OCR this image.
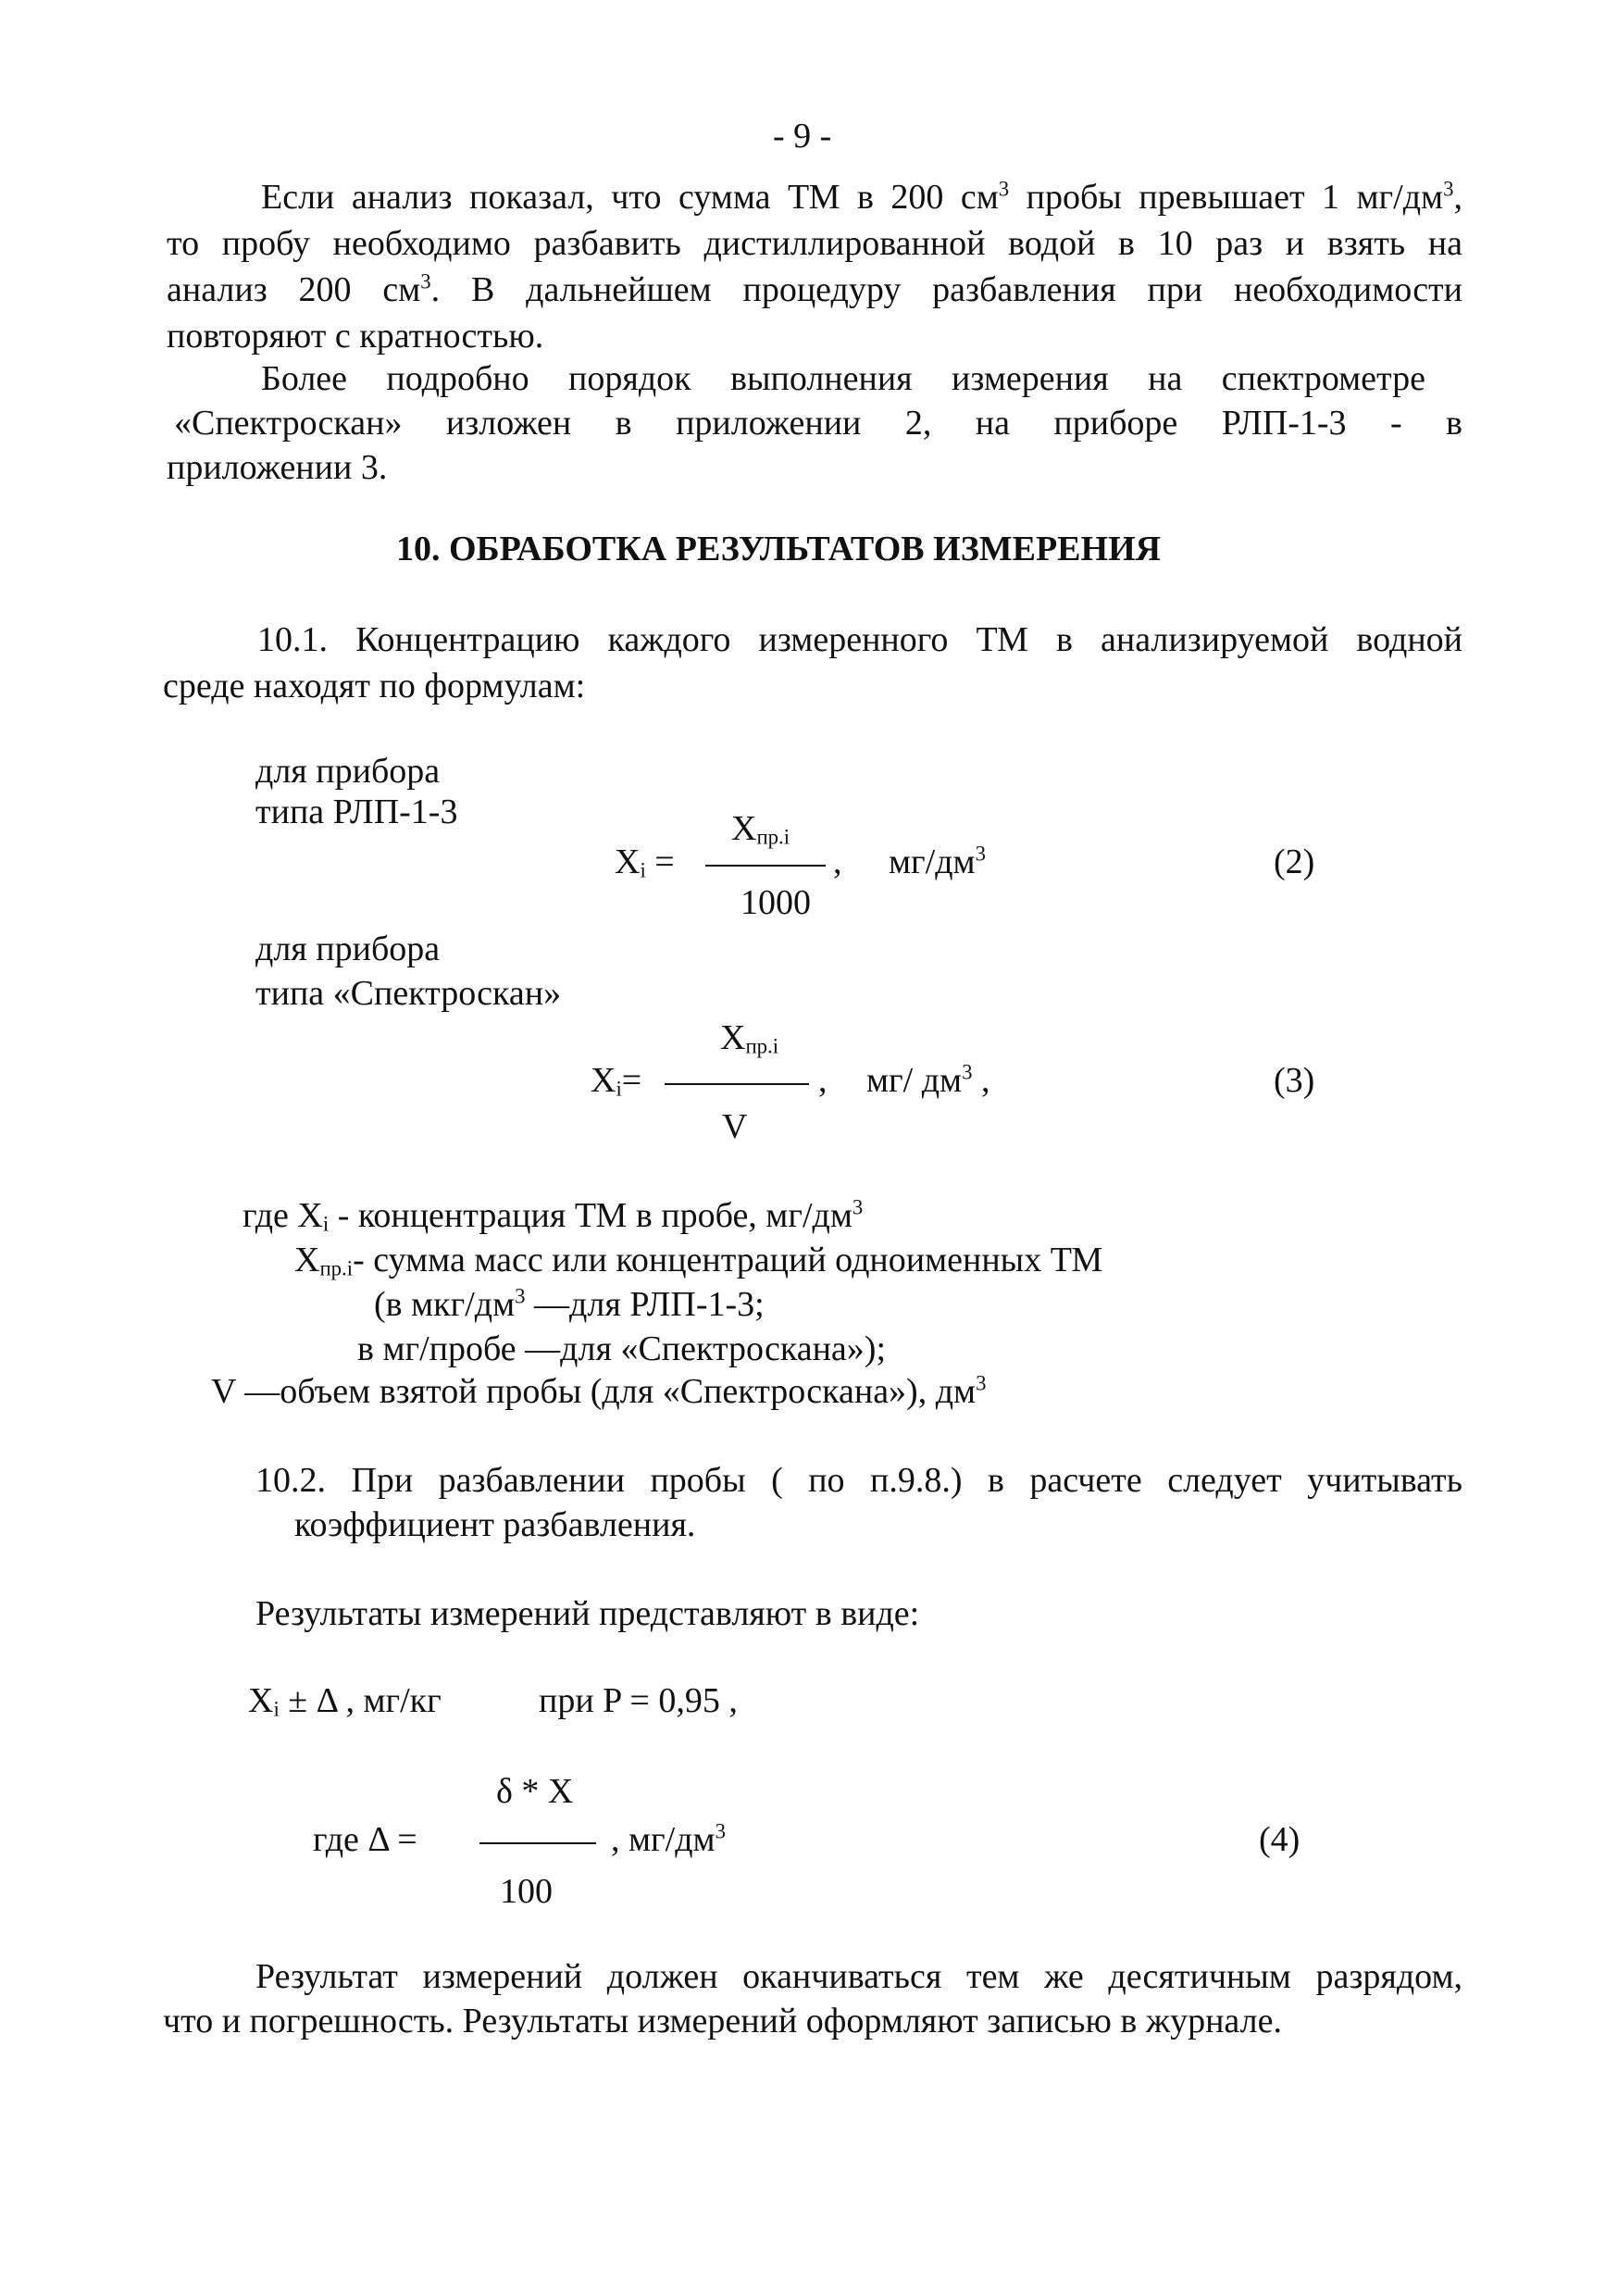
- 9 -
Если анализ показал, что сумма ТМ в 200 $см^3$ пробы превышает 1 $мг/дм^3$,
то пробу необходимо разбавить дистиллированной водой в 10 раз и взять на
анализ 200 $см^3$. В дальнейшем процедуру разбавления при необходимости
повторяют с кратностью.
Более подробно порядок выполнения измерения на спектрометре
«Спектроскан» изложен в приложении 2, на приборе РЛП-1-3 - в
приложении 3.
10. ОБРАБОТКА РЕЗУЛЬТАТОВ ИЗМЕРЕНИЯ
10.1. Концентрацию каждого измеренного ТМ в анализируемой водной
среде находят по формулам:
для прибора
типа РЛП-1-3	$X_{пр.i}$
$X_i$ =	, $мг/дм^3$	(2)
1000
для прибора
типа «Спектроскан»
$X_{пр.i}$
$X_i=$	, мг/ $дм^3$ ,	(3)
V
где $X_i$ - концентрация ТМ в пробе, $мг/дм^3$
$X_{пр.i}-$ сумма масс или концентраций одноименных ТМ
(в мкг/$дм^3$ —для РЛП-1-3;
в мг/пробе —для «Спектроскана»);
V —объем взятой пробы (для «Спектроскана»), $дм^3$
10.2. При разбавлении пробы ( по п.9.8.) в расчете следует учитывать
коэффициент разбавления.
Результаты измерений представляют в виде:
$X_i \pm \Delta$ , мг/кг	при P = 0,95 ,
δ * X
где Δ =	, $мг/дм^3$	(4)
100
Результат измерений должен оканчиваться тем же десятичным разрядом,
что и погрешность. Результаты измерений оформляют записью в журнале.
